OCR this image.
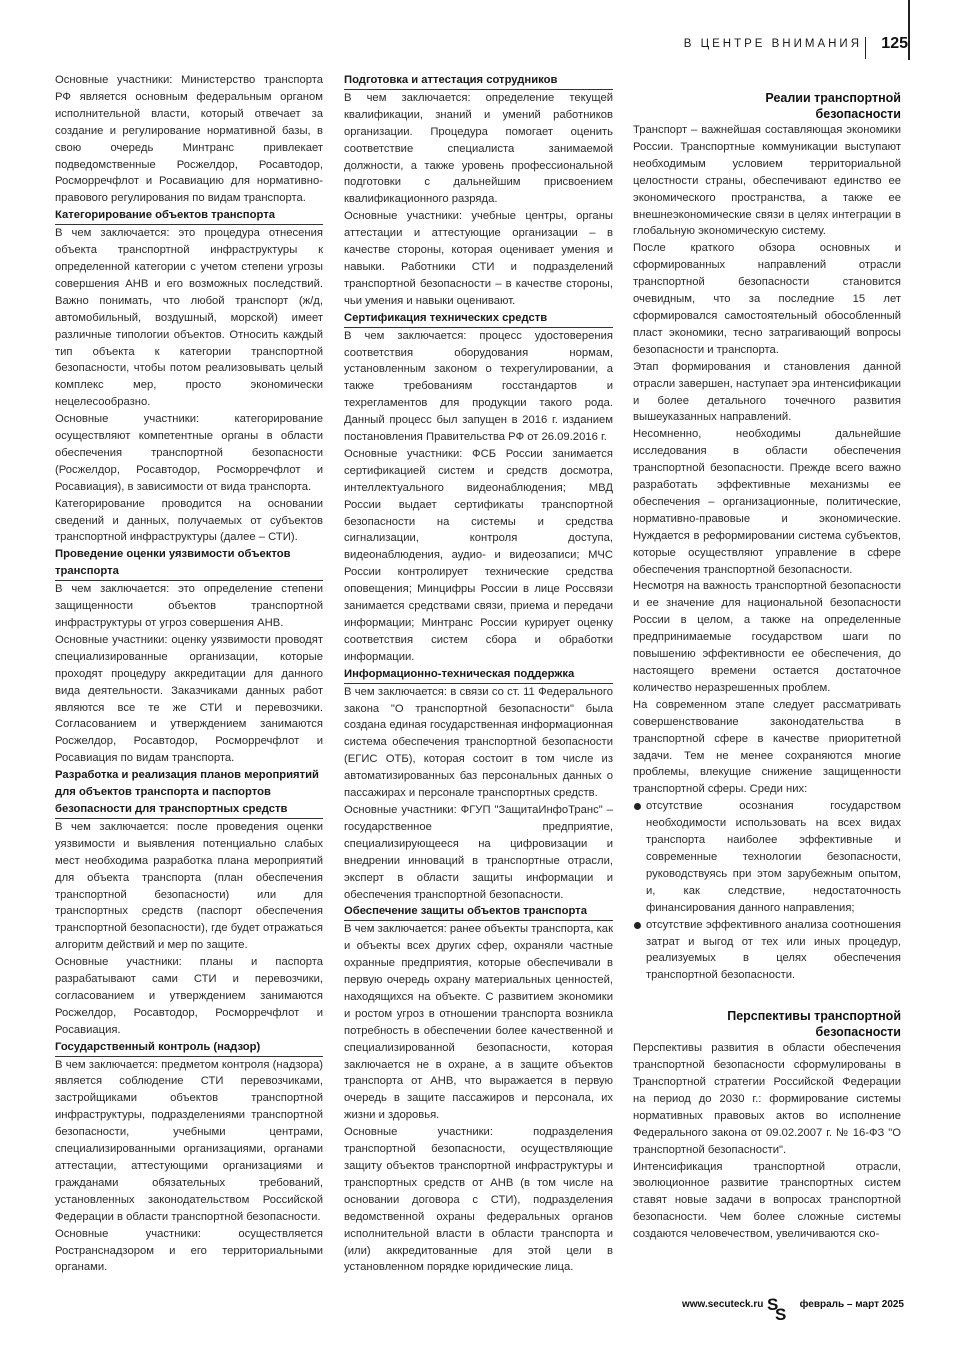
В ЦЕНТРЕ ВНИМАНИЯ 125

Основные участники: Министерство транспорта РФ является основным федеральным органом исполнительной власти, который отвечает за создание и регулирование нормативной базы, в свою очередь Минтранс привлекает подведомственные Росжелдор, Росавтодор, Росморречфлот и Росавиацию для нормативно-правового регулирования по видам транспорта.

Категорирование объектов транспорта

В чем заключается: это процедура отнесения объекта транспортной инфраструктуры к определенной категории с учетом степени угрозы совершения АНВ и его возможных последствий. Важно понимать, что любой транспорт (ж/д, автомобильный, воздушный, морской) имеет различные типологии объектов. Относить каждый тип объекта к категории транспортной безопасности, чтобы потом реализовывать целый комплекс мер, просто экономически нецелесообразно.

Основные участники: категорирование осуществляют компетентные органы в области обеспечения транспортной безопасности (Росжелдор, Росавтодор, Росморречфлот и Росавиация), в зависимости от вида транспорта.

Категорирование проводится на основании сведений и данных, получаемых от субъектов транспортной инфраструктуры (далее – СТИ).

Проведение оценки уязвимости объектов транспорта

В чем заключается: это определение степени защищенности объектов транспортной инфраструктуры от угроз совершения АНВ.

Основные участники: оценку уязвимости проводят специализированные организации, которые проходят процедуру аккредитации для данного вида деятельности. Заказчиками данных работ являются все те же СТИ и перевозчики. Согласованием и утверждением занимаются Росжелдор, Росавтодор, Росморречфлот и Росавиация по видам транспорта.

Разработка и реализация планов мероприятий для объектов транспорта и паспортов безопасности для транспортных средств

В чем заключается: после проведения оценки уязвимости и выявления потенциально слабых мест необходима разработка плана мероприятий для объекта транспорта (план обеспечения транспортной безопасности) или для транспортных средств (паспорт обеспечения транспортной безопасности), где будет отражаться алгоритм действий и мер по защите.

Основные участники: планы и паспорта разрабатывают сами СТИ и перевозчики, согласованием и утверждением занимаются Росжелдор, Росавтодор, Росморречфлот и Росавиация.

Государственный контроль (надзор)

В чем заключается: предметом контроля (надзора) является соблюдение СТИ перевозчиками, застройщиками объектов транспортной инфраструктуры, подразделениями транспортной безопасности, учебными центрами, специализированными организациями, органами аттестации, аттестующими организациями и гражданами обязательных требований, установленных законодательством Российской Федерации в области транспортной безопасности.

Основные участники: осуществляется Ространснадзором и его территориальными органами.

Подготовка и аттестация сотрудников

В чем заключается: определение текущей квалификации, знаний и умений работников организации. Процедура помогает оценить соответствие специалиста занимаемой должности, а также уровень профессиональной подготовки с дальнейшим присвоением квалификационного разряда.

Основные участники: учебные центры, органы аттестации и аттестующие организации – в качестве стороны, которая оценивает умения и навыки. Работники СТИ и подразделений транспортной безопасности – в качестве стороны, чьи умения и навыки оценивают.

Сертификация технических средств

В чем заключается: процесс удостоверения соответствия оборудования нормам, установленным законом о техрегулировании, а также требованиям госстандартов и техрегламентов для продукции такого рода. Данный процесс был запущен в 2016 г. изданием постановления Правительства РФ от 26.09.2016 г.

Основные участники: ФСБ России занимается сертификацией систем и средств досмотра, интеллектуального видеонаблюдения; МВД России выдает сертификаты транспортной безопасности на системы и средства сигнализации, контроля доступа, видеонаблюдения, аудио- и видеозаписи; МЧС России контролирует технические средства оповещения; Минцифры России в лице Россвязи занимается средствами связи, приема и передачи информации; Минтранс России курирует оценку соответствия систем сбора и обработки информации.

Информационно-техническая поддержка

В чем заключается: в связи со ст. 11 Федерального закона "О транспортной безопасности" была создана единая государственная информационная система обеспечения транспортной безопасности (ЕГИС ОТБ), которая состоит в том числе из автоматизированных баз персональных данных о пассажирах и персонале транспортных средств.

Основные участники: ФГУП "ЗащитаИнфоТранс" – государственное предприятие, специализирующееся на цифровизации и внедрении инноваций в транспортные отрасли, эксперт в области защиты информации и обеспечения транспортной безопасности.

Обеспечение защиты объектов транспорта

В чем заключается: ранее объекты транспорта, как и объекты всех других сфер, охраняли частные охранные предприятия, которые обеспечивали в первую очередь охрану материальных ценностей, находящихся на объекте. С развитием экономики и ростом угроз в отношении транспорта возникла потребность в обеспечении более качественной и специализированной безопасности, которая заключается не в охране, а в защите объектов транспорта от АНВ, что выражается в первую очередь в защите пассажиров и персонала, их жизни и здоровья.

Основные участники: подразделения транспортной безопасности, осуществляющие защиту объектов транспортной инфраструктуры и транспортных средств от АНВ (в том числе на основании договора с СТИ), подразделения ведомственной охраны федеральных органов исполнительной власти в области транспорта и (или) аккредитованные для этой цели в установленном порядке юридические лица.

Реалии транспортной
безопасности

Транспорт – важнейшая составляющая экономики России. Транспортные коммуникации выступают необходимым условием территориальной целостности страны, обеспечивают единство ее экономического пространства, а также ее внешнеэкономические связи в целях интеграции в глобальную экономическую систему.

После краткого обзора основных и сформированных направлений отрасли транспортной безопасности становится очевидным, что за последние 15 лет сформировался самостоятельный обособленный пласт экономики, тесно затрагивающий вопросы безопасности и транспорта.

Этап формирования и становления данной отрасли завершен, наступает эра интенсификации и более детального точечного развития вышеуказанных направлений.

Несомненно, необходимы дальнейшие исследования в области обеспечения транспортной безопасности. Прежде всего важно разработать эффективные механизмы ее обеспечения – организационные, политические, нормативно-правовые и экономические. Нуждается в реформировании система субъектов, которые осуществляют управление в сфере обеспечения транспортной безопасности.

Несмотря на важность транспортной безопасности и ее значение для национальной безопасности России в целом, а также на определенные предпринимаемые государством шаги по повышению эффективности ее обеспечения, до настоящего времени остается достаточное количество неразрешенных проблем.

На современном этапе следует рассматривать совершенствование законодательства в транспортной сфере в качестве приоритетной задачи. Тем не менее сохраняются многие проблемы, влекущие снижение защищенности транспортной сферы. Среди них:

отсутствие осознания государством необходимости использовать на всех видах транспорта наиболее эффективные и современные технологии безопасности, руководствуясь при этом зарубежным опытом, и, как следствие, недостаточность финансирования данного направления;
отсутствие эффективного анализа соотношения затрат и выгод от тех или иных процедур, реализуемых в целях обеспечения транспортной безопасности.

Перспективы транспортной
безопасности

Перспективы развития в области обеспечения транспортной безопасности сформулированы в Транспортной стратегии Российской Федерации на период до 2030 г.: формирование системы нормативных правовых актов во исполнение Федерального закона от 09.02.2007 г. № 16-ФЗ "О транспортной безопасности".

Интенсификация транспортной отрасли, эволюционное развитие транспортных систем ставят новые задачи в вопросах транспортной безопасности. Чем более сложные системы создаются человечеством, увеличиваются ско-

www.secuteck.ru S
S
февраль – март 2025
